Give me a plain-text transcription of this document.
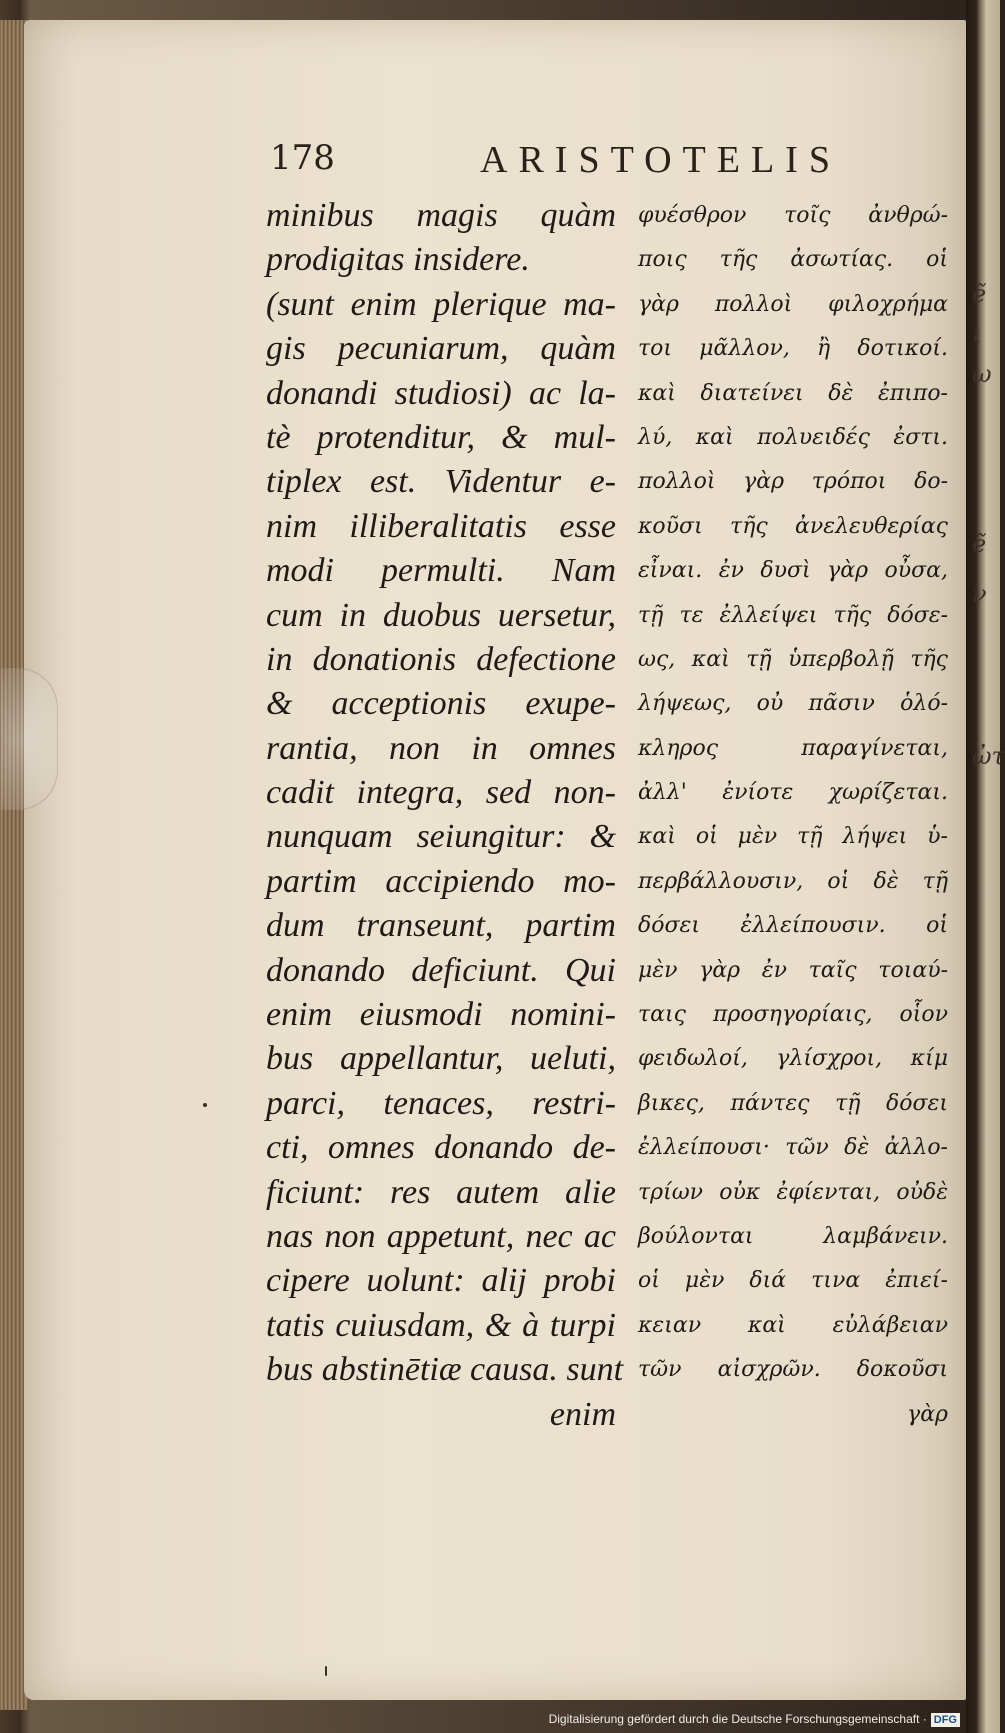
ẽ
ι
ω
ẽ
ν
ὠτ
178	ARISTOTELIS
minibus magis quàm
prodigitas insidere.
(sunt enim plerique ma-
gis pecuniarum, quàm
donandi studiosi) ac la-
tè protenditur, & mul-
tiplex est. Videntur e-
nim illiberalitatis esse
modi permulti. Nam
cum in duobus uersetur,
in donationis defectione
& acceptionis exupe-
rantia, non in omnes
cadit integra, sed non-
nunquam seiungitur: &
partim accipiendo mo-
dum transeunt, partim
donando deficiunt. Qui
enim eiusmodi nomini-
bus appellantur, ueluti,
parci, tenaces, restri-
cti, omnes donando de-
ficiunt: res autem alie
nas non appetunt, nec ac
cipere uolunt: alij probi
tatis cuiusdam, & à turpi
bus abstinētiæ causa. sunt
enim
φυέσθρον τοῖς ἀνθρώ-
ποις τῆς ἀσωτίας. οἱ
γὰρ πολλοὶ φιλοχρήμα
τοι μᾶλλον, ἢ δοτικοί.
καὶ διατείνει δὲ ἐπιπο-
λύ, καὶ πολυειδές ἐστι.
πολλοὶ γὰρ τρόποι δο-
κοῦσι τῆς ἀνελευθερίας
εἶναι. ἐν δυσὶ γὰρ οὖσα,
τῇ τε ἐλλείψει τῆς δόσε-
ως, καὶ τῇ ὑπερβολῇ τῆς
λήψεως, οὐ πᾶσιν ὁλό-
κληρος παραγίνεται,
ἀλλ' ἐνίοτε χωρίζεται.
καὶ οἱ μὲν τῇ λήψει ὑ-
περβάλλουσιν, οἱ δὲ τῇ
δόσει ἐλλείπουσιν. οἱ
μὲν γὰρ ἐν ταῖς τοιαύ-
ταις προσηγορίαις, οἷον
φειδωλοί, γλίσχροι, κίμ
βικες, πάντες τῇ δόσει
ἐλλείπουσι· τῶν δὲ ἀλλο-
τρίων οὐκ ἐφίενται, οὐδὲ
βούλονται λαμβάνειν.
οἱ μὲν διά τινα ἐπιεί-
κειαν καὶ εὐλάβειαν
τῶν αἰσχρῶν. δοκοῦσι
γὰρ
Digitalisierung gefördert durch die Deutsche Forschungsgemeinschaft · DFG
